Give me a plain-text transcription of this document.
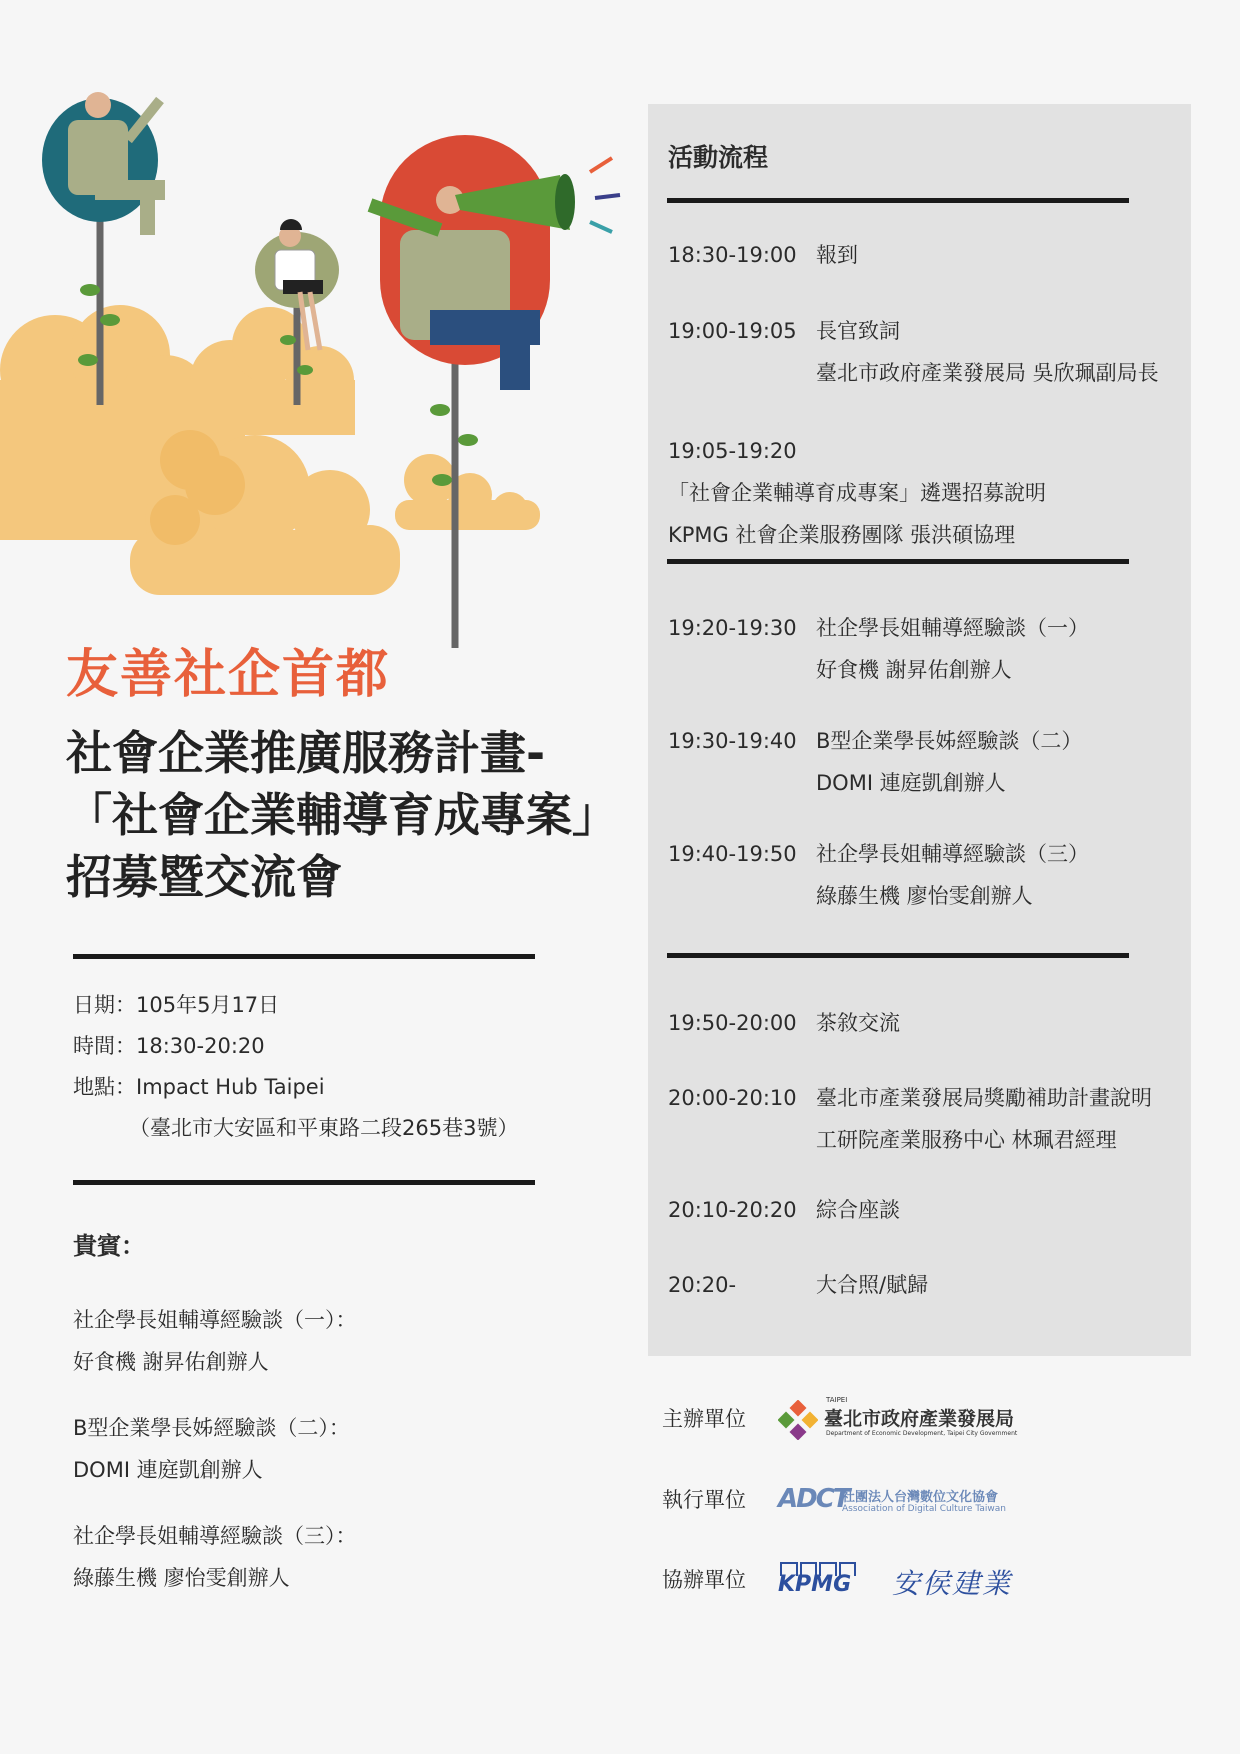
友善社企首都
社會企業推廣服務計畫-
「社會企業輔導育成專案」
招募暨交流會
日期：105年5月17日
時間：18:30-20:20
地點：Impact Hub Taipei
（臺北市大安區和平東路二段265巷3號）
貴賓：
社企學長姐輔導經驗談（一）：
好食機 謝昇佑創辦人
B型企業學長姊經驗談（二）：
DOMI 連庭凱創辦人
社企學長姐輔導經驗談（三）：
綠藤生機 廖怡雯創辦人
活動流程
18:30-19:00 報到
19:00-19:05 長官致詞
臺北市政府產業發展局 吳欣珮副局長
19:05-19:20
「社會企業輔導育成專案」遴選招募說明
KPMG 社會企業服務團隊 張洪碩協理
19:20-19:30 社企學長姐輔導經驗談（一）
好食機 謝昇佑創辦人
19:30-19:40 B型企業學長姊經驗談（二）
DOMI 連庭凱創辦人
19:40-19:50 社企學長姐輔導經驗談（三）
綠藤生機 廖怡雯創辦人
19:50-20:00 茶敘交流
20:00-20:10 臺北市產業發展局獎勵補助計畫說明
工研院產業服務中心 林珮君經理
20:10-20:20 綜合座談
20:20-	大合照/賦歸
主辦單位
TAIPEI
臺北市政府產業發展局
Department of Economic Development, Taipei City Government
執行單位 ADCT
社團法人台灣數位文化協會
Association of Digital Culture Taiwan
協辦單位 KPMG 安侯建業
